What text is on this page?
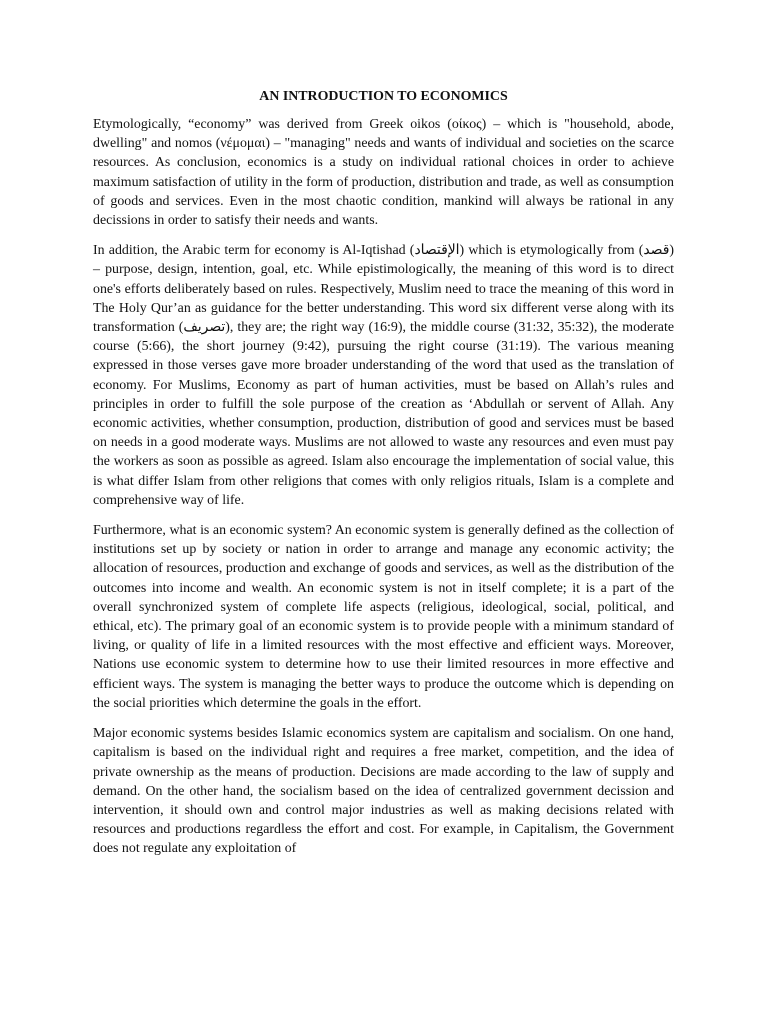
AN INTRODUCTION TO ECONOMICS
Etymologically, “economy” was derived from Greek oikos (οίκος) – which is "household, abode, dwelling" and nomos (νέμομαι) – "managing" needs and wants of individual and societies on the scarce resources. As conclusion, economics is a study on individual rational choices in order to achieve maximum satisfaction of utility in the form of production, distribution and trade, as well as consumption of goods and services. Even in the most chaotic condition, mankind will always be rational in any decissions in order to satisfy their needs and wants.
In addition, the Arabic term for economy is Al-Iqtishad (الإقتصاد) which is etymologically from (قصد) – purpose, design, intention, goal, etc. While epistimologically, the meaning of this word is to direct one's efforts deliberately based on rules. Respectively, Muslim need to trace the meaning of this word in The Holy Qur’an as guidance for the better understanding. This word six different verse along with its transformation (تصريف), they are; the right way (16:9), the middle course (31:32, 35:32), the moderate course (5:66), the short journey (9:42), pursuing the right course (31:19). The various meaning expressed in those verses gave more broader understanding of the word that used as the translation of economy. For Muslims, Economy as part of human activities, must be based on Allah’s rules and principles in order to fulfill the sole purpose of the creation as ‘Abdullah or servent of Allah. Any economic activities, whether consumption, production, distribution of good and services must be based on needs in a good moderate ways. Muslims are not allowed to waste any resources and even must pay the workers as soon as possible as agreed. Islam also encourage the implementation of social value, this is what differ Islam from other religions that comes with only religios rituals, Islam is a complete and comprehensive way of life.
Furthermore, what is an economic system? An economic system is generally defined as the collection of institutions set up by society or nation in order to arrange and manage any economic activity; the allocation of resources, production and exchange of goods and services, as well as the distribution of the outcomes into income and wealth. An economic system is not in itself complete; it is a part of the overall synchronized system of complete life aspects (religious, ideological, social, political, and ethical, etc). The primary goal of an economic system is to provide people with a minimum standard of living, or quality of life in a limited resources with the most effective and efficient ways. Moreover, Nations use economic system to determine how to use their limited resources in more effective and efficient ways. The system is managing the better ways to produce the outcome which is depending on the social priorities which determine the goals in the effort.
Major economic systems besides Islamic economics system are capitalism and socialism. On one hand, capitalism is based on the individual right and requires a free market, competition, and the idea of private ownership as the means of production. Decisions are made according to the law of supply and demand. On the other hand, the socialism based on the idea of centralized government decission and intervention, it should own and control major industries as well as making decisions related with resources and productions regardless the effort and cost. For example, in Capitalism, the Government does not regulate any exploitation of
